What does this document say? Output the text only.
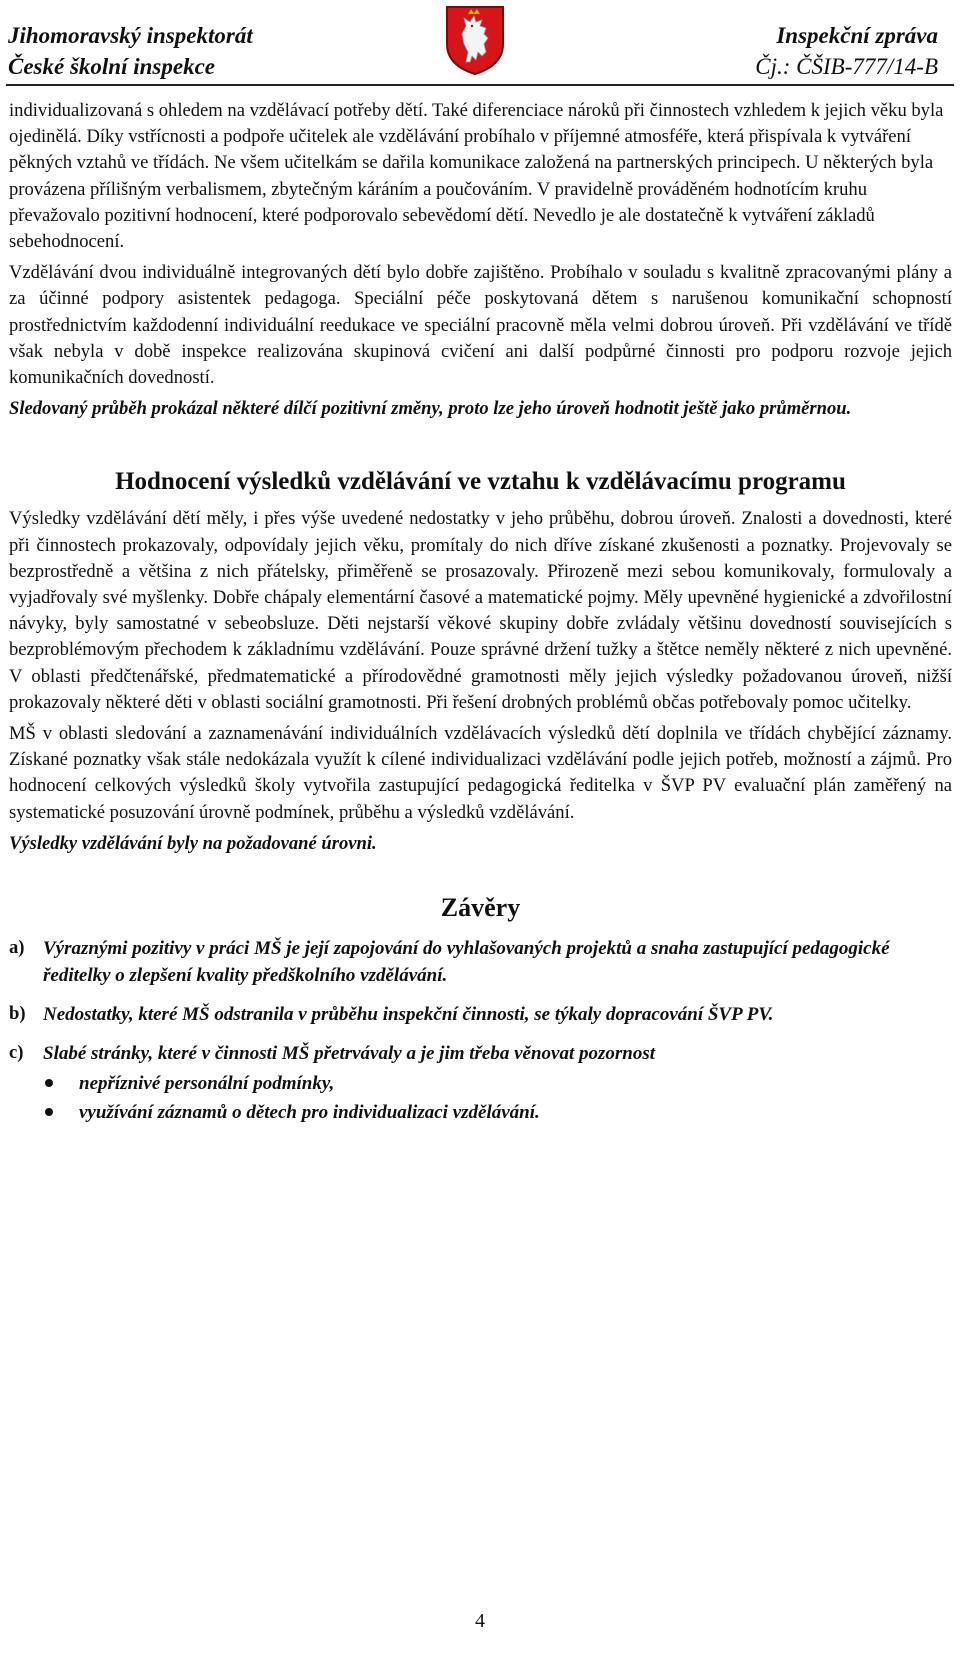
Jihomoravský inspektorát
České školní inspekce
Inspekční zpráva
Čj.: ČŠIB-777/14-B

individualizovaná s ohledem na vzdělávací potřeby dětí. Také diferenciace nároků při činnostech vzhledem k jejich věku byla ojedinělá. Díky vstřícnosti a podpoře učitelek ale vzdělávání probíhalo v příjemné atmosféře, která přispívala k vytváření pěkných vztahů ve třídách. Ne všem učitelkám se dařila komunikace založená na partnerských principech. U některých byla provázena přílišným verbalismem, zbytečným káráním a poučováním. V pravidelně prováděném hodnotícím kruhu převažovalo pozitivní hodnocení, které podporovalo sebevědomí dětí. Nevedlo je ale dostatečně k vytváření základů sebehodnocení.

Vzdělávání dvou individuálně integrovaných dětí bylo dobře zajištěno. Probíhalo v souladu s kvalitně zpracovanými plány a za účinné podpory asistentek pedagoga. Speciální péče poskytovaná dětem s narušenou komunikační schopností prostřednictvím každodenní individuální reedukace ve speciální pracovně měla velmi dobrou úroveň. Při vzdělávání ve třídě však nebyla v době inspekce realizována skupinová cvičení ani další podpůrné činnosti pro podporu rozvoje jejich komunikačních dovedností.

Sledovaný průběh prokázal některé dílčí pozitivní změny, proto lze jeho úroveň hodnotit ještě jako průměrnou.

Hodnocení výsledků vzdělávání ve vztahu k vzdělávacímu programu

Výsledky vzdělávání dětí měly, i přes výše uvedené nedostatky v jeho průběhu, dobrou úroveň. Znalosti a dovednosti, které při činnostech prokazovaly, odpovídaly jejich věku, promítaly do nich dříve získané zkušenosti a poznatky. Projevovaly se bezprostředně a většina z nich přátelsky, přiměřeně se prosazovaly. Přirozeně mezi sebou komunikovaly, formulovaly a vyjadřovaly své myšlenky. Dobře chápaly elementární časové a matematické pojmy. Měly upevněné hygienické a zdvořilostní návyky, byly samostatné v sebeobsluze. Děti nejstarší věkové skupiny dobře zvládaly většinu dovedností souvisejících s bezproblémovým přechodem k základnímu vzdělávání. Pouze správné držení tužky a štětce neměly některé z nich upevněné. V oblasti předčtenářské, předmatematické a přírodovědné gramotnosti měly jejich výsledky požadovanou úroveň, nižší prokazovaly některé děti v oblasti sociální gramotnosti. Při řešení drobných problémů občas potřebovaly pomoc učitelky.

MŠ v oblasti sledování a zaznamenávání individuálních vzdělávacích výsledků dětí doplnila ve třídách chybějící záznamy. Získané poznatky však stále nedokázala využít k cílené individualizaci vzdělávání podle jejich potřeb, možností a zájmů. Pro hodnocení celkových výsledků školy vytvořila zastupující pedagogická ředitelka v ŠVP PV evaluační plán zaměřený na systematické posuzování úrovně podmínek, průběhu a výsledků vzdělávání.

Výsledky vzdělávání byly na požadované úrovni.

Závěry
a) Výraznými pozitivy v práci MŠ je její zapojování do vyhlašovaných projektů a snaha zastupující pedagogické ředitelky o zlepšení kvality předškolního vzdělávání.
b) Nedostatky, které MŠ odstranila v průběhu inspekční činnosti, se týkaly dopracování ŠVP PV.
c) Slabé stránky, které v činnosti MŠ přetrvávaly a je jim třeba věnovat pozornost
nepříznivé personální podmínky,
využívání záznamů o dětech pro individualizaci vzdělávání.
4
